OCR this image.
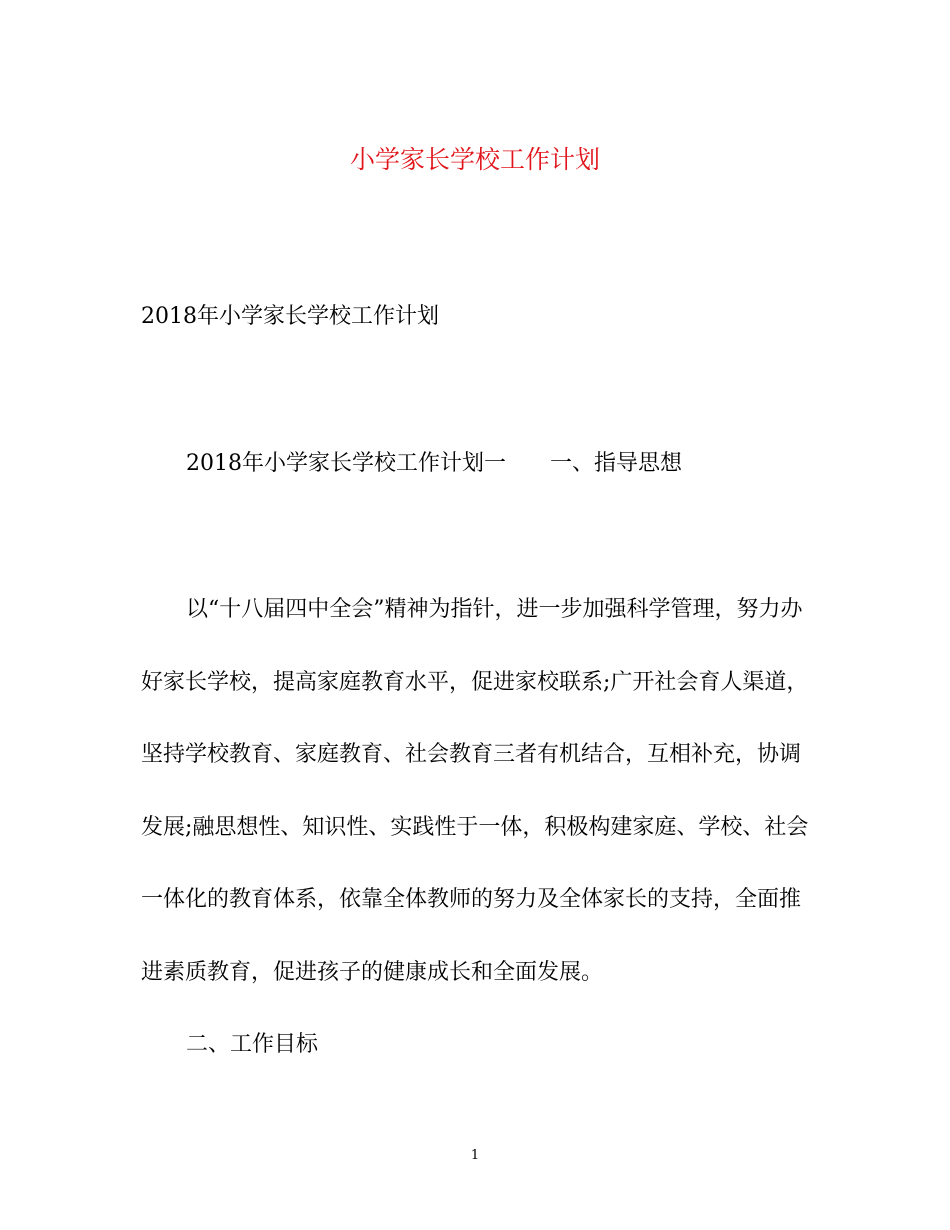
小学家长学校工作计划
2018年小学家长学校工作计划
2018年小学家长学校工作计划一 一、指导思想
以“十八届四中全会”精神为指针，进一步加强科学管理，努力办
好家长学校，提高家庭教育水平，促进家校联系;广开社会育人渠道，
坚持学校教育、家庭教育、社会教育三者有机结合，互相补充，协调
发展;融思想性、知识性、实践性于一体，积极构建家庭、学校、社会
一体化的教育体系，依靠全体教师的努力及全体家长的支持，全面推
进素质教育，促进孩子的健康成长和全面发展。
二、工作目标
1
